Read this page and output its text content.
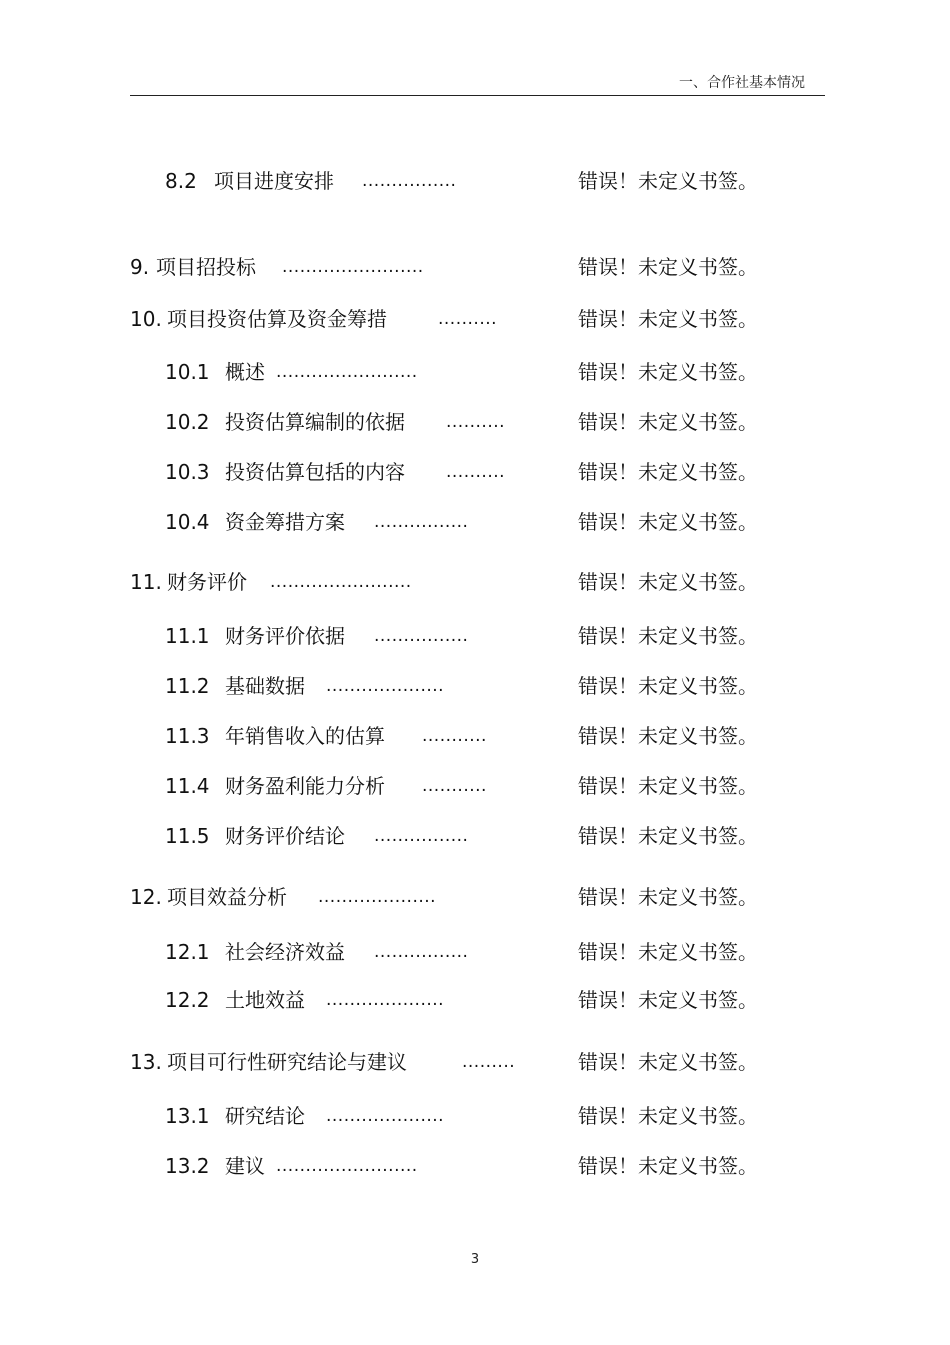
一、合作社基本情况
8.2 项目进度安排 ................	错误！未定义书签。
9. 项目招投标 ........................	错误！未定义书签。
10. 项目投资估算及资金筹措	..........	错误！未定义书签。
10.1 概述 ........................	错误！未定义书签。
10.2 投资估算编制的依据 ..........	错误！未定义书签。
10.3 投资估算包括的内容 ..........	错误！未定义书签。
10.4 资金筹措方案 ................	错误！未定义书签。
11. 财务评价 ........................	错误！未定义书签。
11.1 财务评价依据 ................	错误！未定义书签。
11.2 基础数据 ....................	错误！未定义书签。
11.3 年销售收入的估算 ...........	错误！未定义书签。
11.4 财务盈利能力分析 ...........	错误！未定义书签。
11.5 财务评价结论 ................	错误！未定义书签。
12. 项目效益分析 ....................	错误！未定义书签。
12.1 社会经济效益 ................	错误！未定义书签。
12.2 土地效益 ....................	错误！未定义书签。
13. 项目可行性研究结论与建议	.........	错误！未定义书签。
13.1 研究结论 ....................	错误！未定义书签。
13.2 建议 ........................	错误！未定义书签。
3
